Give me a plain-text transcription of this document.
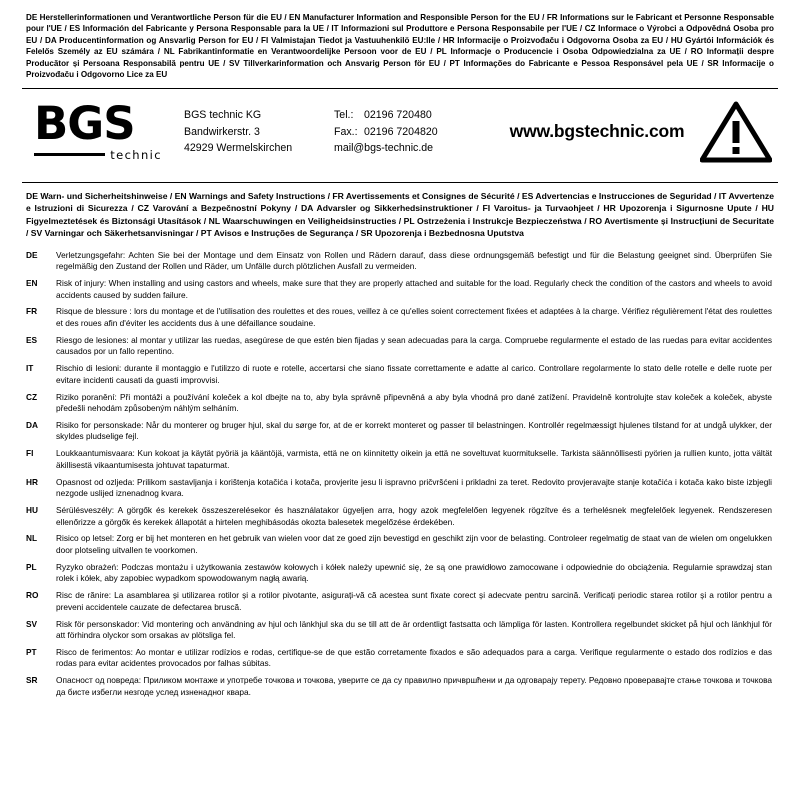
DE Herstellerinformationen und Verantwortliche Person für die EU / EN Manufacturer Information and Responsible Person for the EU / FR Informations sur le Fabricant et Personne Responsable pour l'UE / ES Información del Fabricante y Persona Responsable para la UE / IT Informazioni sul Produttore e Persona Responsabile per l'UE / CZ Informace o Výrobci a Odpovědná Osoba pro EU / DA Producentinformation og Ansvarlig Person for EU / FI Valmistajan Tiedot ja Vastuuhenkilö EU:lle / HR Informacije o Proizvođaču i Odgovorna Osoba za EU / HU Gyártói Információk és Felelős Személy az EU számára / NL Fabrikantinformatie en Verantwoordelijke Persoon voor de EU / PL Informacje o Producencie i Osoba Odpowiedzialna za UE / RO Informații despre Producător și Persoana Responsabilă pentru UE / SV Tillverkarinformation och Ansvarig Person för EU / PT Informações do Fabricante e Pessoa Responsável pela UE / SR Informacije o Proizvođaču i Odgovorno Lice za EU
BGS
technic
BGS technic KG
Bandwirkerstr. 3
42929 Wermelskirchen
Tel.: 02196 720480
Fax.: 02196 7204820
mail@bgs-technic.de
www.bgstechnic.com
DE Warn- und Sicherheitshinweise / EN Warnings and Safety Instructions / FR Avertissements et Consignes de Sécurité / ES Advertencias e Instrucciones de Seguridad / IT Avvertenze e Istruzioni di Sicurezza / CZ Varování a Bezpečnostní Pokyny / DA Advarsler og Sikkerhedsinstruktioner / FI Varoitus- ja Turvaohjeet / HR Upozorenja i Sigurnosne Upute / HU Figyelmeztetések és Biztonsági Utasítások / NL Waarschuwingen en Veiligheidsinstructies / PL Ostrzeżenia i Instrukcje Bezpieczeństwa / RO Avertismente și Instrucțiuni de Securitate / SV Varningar och Säkerhetsanvisningar / PT Avisos e Instruções de Segurança / SR Upozorenja i Bezbednosna Uputstva
DE	Verletzungsgefahr: Achten Sie bei der Montage und dem Einsatz von Rollen und Rädern darauf, dass diese ordnungsgemäß befestigt und für die Belastung geeignet sind. Überprüfen Sie regelmäßig den Zustand der Rollen und Räder, um Unfälle durch plötzlichen Ausfall zu vermeiden.
EN	Risk of injury: When installing and using castors and wheels, make sure that they are properly attached and suitable for the load. Regularly check the condition of the castors and wheels to avoid accidents caused by sudden failure.
FR	Risque de blessure : lors du montage et de l'utilisation des roulettes et des roues, veillez à ce qu'elles soient correctement fixées et adaptées à la charge. Vérifiez régulièrement l'état des roulettes et des roues afin d'éviter les accidents dus à une défaillance soudaine.
ES	Riesgo de lesiones: al montar y utilizar las ruedas, asegúrese de que estén bien fijadas y sean adecuadas para la carga. Compruebe regularmente el estado de las ruedas para evitar accidentes causados por un fallo repentino.
IT	Rischio di lesioni: durante il montaggio e l'utilizzo di ruote e rotelle, accertarsi che siano fissate correttamente e adatte al carico. Controllare regolarmente lo stato delle rotelle e delle ruote per evitare incidenti causati da guasti improvvisi.
CZ	Riziko poranění: Při montáži a používání koleček a kol dbejte na to, aby byla správně připevněná a aby byla vhodná pro dané zatížení. Pravidelně kontrolujte stav koleček a koleček, abyste předešli nehodám způsobeným náhlým selháním.
DA	Risiko for personskade: Når du monterer og bruger hjul, skal du sørge for, at de er korrekt monteret og passer til belastningen. Kontrollér regelmæssigt hjulenes tilstand for at undgå ulykker, der skyldes pludselige fejl.
FI	Loukkaantumisvaara: Kun kokoat ja käytät pyöriä ja kääntöjä, varmista, että ne on kiinnitetty oikein ja että ne soveltuvat kuormitukselle. Tarkista säännöllisesti pyörien ja rullien kunto, jotta vältät äkillisestä vikaantumisesta johtuvat tapaturmat.
HR	Opasnost od ozljeda: Prilikom sastavljanja i korištenja kotačića i kotača, provjerite jesu li ispravno pričvršćeni i prikladni za teret. Redovito provjeravajte stanje kotačića i kotača kako biste izbjegli nezgode uslijed iznenadnog kvara.
HU	Sérülésveszély: A görgők és kerekek összeszerelésekor és használatakor ügyeljen arra, hogy azok megfelelően legyenek rögzítve és a terhelésnek megfelelőek legyenek. Rendszeresen ellenőrizze a görgők és kerekek állapotát a hirtelen meghibásodás okozta balesetek megelőzése érdekében.
NL	Risico op letsel: Zorg er bij het monteren en het gebruik van wielen voor dat ze goed zijn bevestigd en geschikt zijn voor de belasting. Controleer regelmatig de staat van de wielen om ongelukken door plotseling uitvallen te voorkomen.
PL	Ryzyko obrażeń: Podczas montażu i użytkowania zestawów kołowych i kółek należy upewnić się, że są one prawidłowo zamocowane i odpowiednie do obciążenia. Regularnie sprawdzaj stan rolek i kółek, aby zapobiec wypadkom spowodowanym nagłą awarią.
RO	Risc de rănire: La asamblarea și utilizarea rotilor și a rotilor pivotante, asigurați-vă că acestea sunt fixate corect și adecvate pentru sarcină. Verificați periodic starea rotilor și a rotilor pentru a preveni accidentele cauzate de defectarea bruscă.
SV	Risk för personskador: Vid montering och användning av hjul och länkhjul ska du se till att de är ordentligt fastsatta och lämpliga för lasten. Kontrollera regelbundet skicket på hjul och länkhjul för att förhindra olyckor som orsakas av plötsliga fel.
PT	Risco de ferimentos: Ao montar e utilizar rodízios e rodas, certifique-se de que estão corretamente fixados e são adequados para a carga. Verifique regularmente o estado dos rodízios e das rodas para evitar acidentes provocados por falhas súbitas.
SR	Опасност од повреда: Приликом монтаже и употребе точкова и точкова, уверите се да су правилно причвршћени и да одговарају терету. Редовно проверавајте стање точкова и точкова да бисте избегли незгоде услед изненадног квара.
